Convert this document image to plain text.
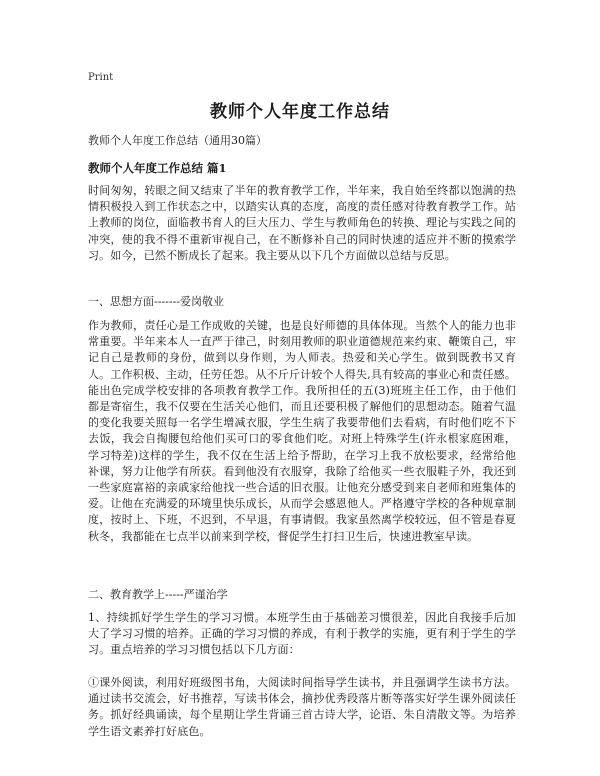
Print
教师个人年度工作总结

教师个人年度工作总结（通用30篇）

教师个人年度工作总结 篇1

时间匆匆，转眼之间又结束了半年的教育教学工作，半年来，我自始至终都以饱满的热情积极投入到工作状态之中，以踏实认真的态度，高度的责任感对待教育教学工作。站上教师的岗位，面临教书育人的巨大压力、学生与教师角色的转换、理论与实践之间的冲突，使的我不得不重新审视自己，在不断修补自己的同时快速的适应并不断的摸索学习。如今，已然不断成长了起来。我主要从以下几个方面做以总结与反思。

一、思想方面-------爱岗敬业

作为教师，责任心是工作成败的关键，也是良好师德的具体体现。当然个人的能力也非常重要。半年来本人一直严于律己，时刻用教师的职业道德规范来约束、鞭策自己，牢记自己是教师的身份，做到以身作则，为人师表。热爱和关心学生。做到既教书又育人。工作积极、主动，任劳任怨。从不斤斤计较个人得失,具有较高的事业心和责任感。能出色完成学校安排的各项教育教学工作。我所担任的五(3)班班主任工作，由于他们都是寄宿生，我不仅要在生活关心他们，而且还要积极了解他们的思想动态。随着气温的变化我要关照每一名学生增减衣服，学生生病了我要带他们去看病，有时他们吃不下去饭，我会自掏腰包给他们买可口的零食他们吃。对班上特殊学生(许永根家庭困难，学习特差)这样的学生，我不仅在生活上给予帮助，在学习上我不放松要求，经常给他补课，努力让他学有所获。看到他没有衣服穿，我除了给他买一些衣服鞋子外，我还到一些家庭富裕的亲戚家给他找一些合适的旧衣服。让他充分感受到来自老师和班集体的爱。让他在充满爱的环境里快乐成长，从而学会感恩他人。严格遵守学校的各种规章制度，按时上、下班，不迟到，不早退，有事请假。我家虽然离学校较远，但不管是春夏秋冬，我都能在七点半以前来到学校，督促学生打扫卫生后，快速进教室早读。

二、教育教学上-----严谨治学

1、持续抓好学生学生的学习习惯。本班学生由于基础差习惯很差，因此自我接手后加大了学习习惯的培养。正确的学习习惯的养成，有利于教学的实施，更有利于学生的学习。重点培养的学习习惯包括以下几方面：

①课外阅读，利用好班级图书角，大阅读时间指导学生读书，并且强调学生读书方法。通过读书交流会，好书推荐，写读书体会，摘抄优秀段落片断等落实好学生课外阅读任务。抓好经典诵读，每个星期让学生背诵三首古诗大学，论语、朱自清散文等。为培养学生语文素养打好底色。
